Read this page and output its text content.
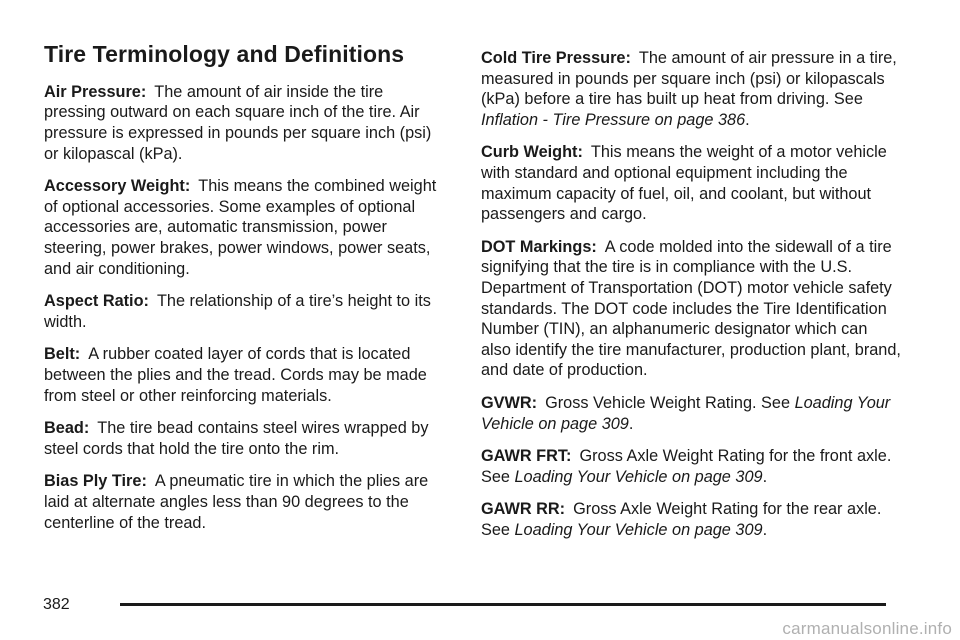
Tire Terminology and Definitions

Air Pressure: The amount of air inside the tire pressing outward on each square inch of the tire. Air pressure is expressed in pounds per square inch (psi) or kilopascal (kPa).

Accessory Weight: This means the combined weight of optional accessories. Some examples of optional accessories are, automatic transmission, power steering, power brakes, power windows, power seats, and air conditioning.

Aspect Ratio: The relationship of a tire’s height to its width.

Belt: A rubber coated layer of cords that is located between the plies and the tread. Cords may be made from steel or other reinforcing materials.

Bead: The tire bead contains steel wires wrapped by steel cords that hold the tire onto the rim.

Bias Ply Tire: A pneumatic tire in which the plies are laid at alternate angles less than 90 degrees to the centerline of the tread.

Cold Tire Pressure: The amount of air pressure in a tire, measured in pounds per square inch (psi) or kilopascals (kPa) before a tire has built up heat from driving. See Inflation - Tire Pressure on page 386.

Curb Weight: This means the weight of a motor vehicle with standard and optional equipment including the maximum capacity of fuel, oil, and coolant, but without passengers and cargo.

DOT Markings: A code molded into the sidewall of a tire signifying that the tire is in compliance with the U.S. Department of Transportation (DOT) motor vehicle safety standards. The DOT code includes the Tire Identification Number (TIN), an alphanumeric designator which can also identify the tire manufacturer, production plant, brand, and date of production.

GVWR: Gross Vehicle Weight Rating. See Loading Your Vehicle on page 309.

GAWR FRT: Gross Axle Weight Rating for the front axle. See Loading Your Vehicle on page 309.

GAWR RR: Gross Axle Weight Rating for the rear axle. See Loading Your Vehicle on page 309.

382
carmanualsonline.info
